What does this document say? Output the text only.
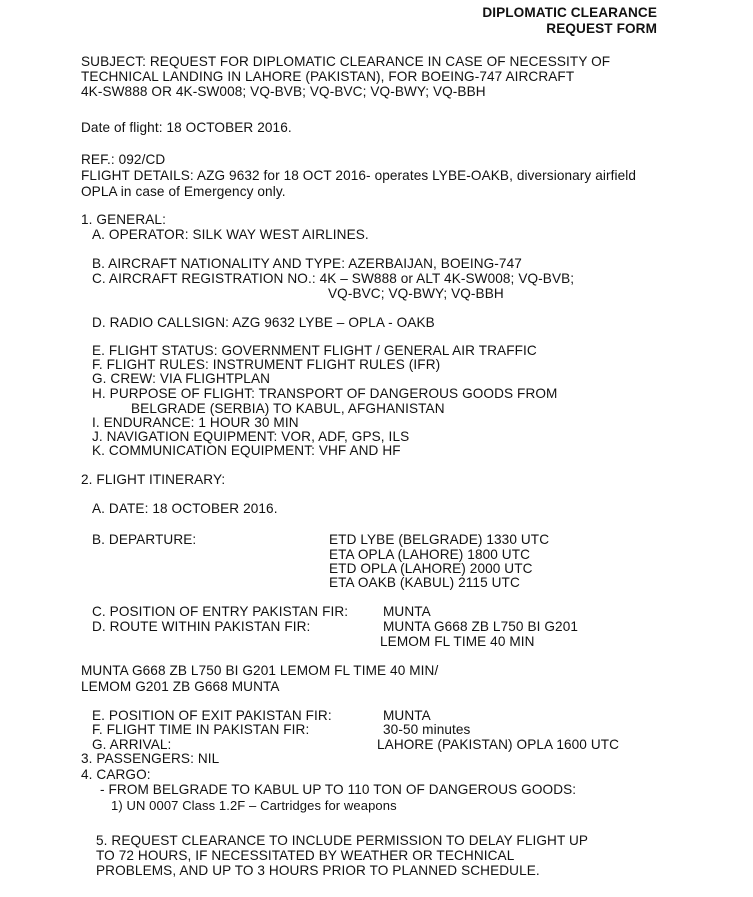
DIPLOMATIC CLEARANCE
REQUEST FORM
SUBJECT: REQUEST FOR DIPLOMATIC CLEARANCE IN CASE OF NECESSITY OF
TECHNICAL LANDING IN LAHORE (PAKISTAN), FOR BOEING-747 AIRCRAFT
4K-SW888 OR 4K-SW008; VQ-BVB; VQ-BVC; VQ-BWY; VQ-BBH
Date of flight: 18 OCTOBER 2016.
REF.: 092/CD
FLIGHT DETAILS: AZG 9632 for 18 OCT 2016- operates LYBE-OAKB, diversionary airfield
OPLA in case of Emergency only.
1. GENERAL:
A. OPERATOR: SILK WAY WEST AIRLINES.
B. AIRCRAFT NATIONALITY AND TYPE: AZERBAIJAN, BOEING-747
C. AIRCRAFT REGISTRATION NO.: 4K – SW888 or ALT 4K-SW008; VQ-BVB;
VQ-BVC; VQ-BWY; VQ-BBH
D. RADIO CALLSIGN: AZG 9632 LYBE – OPLA - OAKB
E. FLIGHT STATUS: GOVERNMENT FLIGHT / GENERAL AIR TRAFFIC
F. FLIGHT RULES: INSTRUMENT FLIGHT RULES (IFR)
G. CREW: VIA FLIGHTPLAN
H. PURPOSE OF FLIGHT: TRANSPORT OF DANGEROUS GOODS FROM
BELGRADE (SERBIA) TO KABUL, AFGHANISTAN
I. ENDURANCE: 1 HOUR 30 MIN
J. NAVIGATION EQUIPMENT: VOR, ADF, GPS, ILS
K. COMMUNICATION EQUIPMENT: VHF AND HF
2. FLIGHT ITINERARY:
A. DATE: 18 OCTOBER 2016.
B. DEPARTURE:	ETD LYBE (BELGRADE) 1330 UTC
ETA OPLA (LAHORE) 1800 UTC
ETD OPLA (LAHORE) 2000 UTC
ETA OAKB (KABUL) 2115 UTC
C. POSITION OF ENTRY PAKISTAN FIR:	MUNTA
D. ROUTE WITHIN PAKISTAN FIR:	MUNTA G668 ZB L750 BI G201
LEMOM FL TIME 40 MIN
MUNTA G668 ZB L750 BI G201 LEMOM FL TIME 40 MIN/
LEMOM G201 ZB G668 MUNTA
E. POSITION OF EXIT PAKISTAN FIR:	MUNTA
F. FLIGHT TIME IN PAKISTAN FIR:	30-50 minutes
G. ARRIVAL:	LAHORE (PAKISTAN) OPLA 1600 UTC
3. PASSENGERS: NIL
4. CARGO:
- FROM BELGRADE TO KABUL UP TO 110 TON OF DANGEROUS GOODS:
1) UN 0007 Class 1.2F – Cartridges for weapons
5. REQUEST CLEARANCE TO INCLUDE PERMISSION TO DELAY FLIGHT UP
TO 72 HOURS, IF NECESSITATED BY WEATHER OR TECHNICAL
PROBLEMS, AND UP TO 3 HOURS PRIOR TO PLANNED SCHEDULE.
